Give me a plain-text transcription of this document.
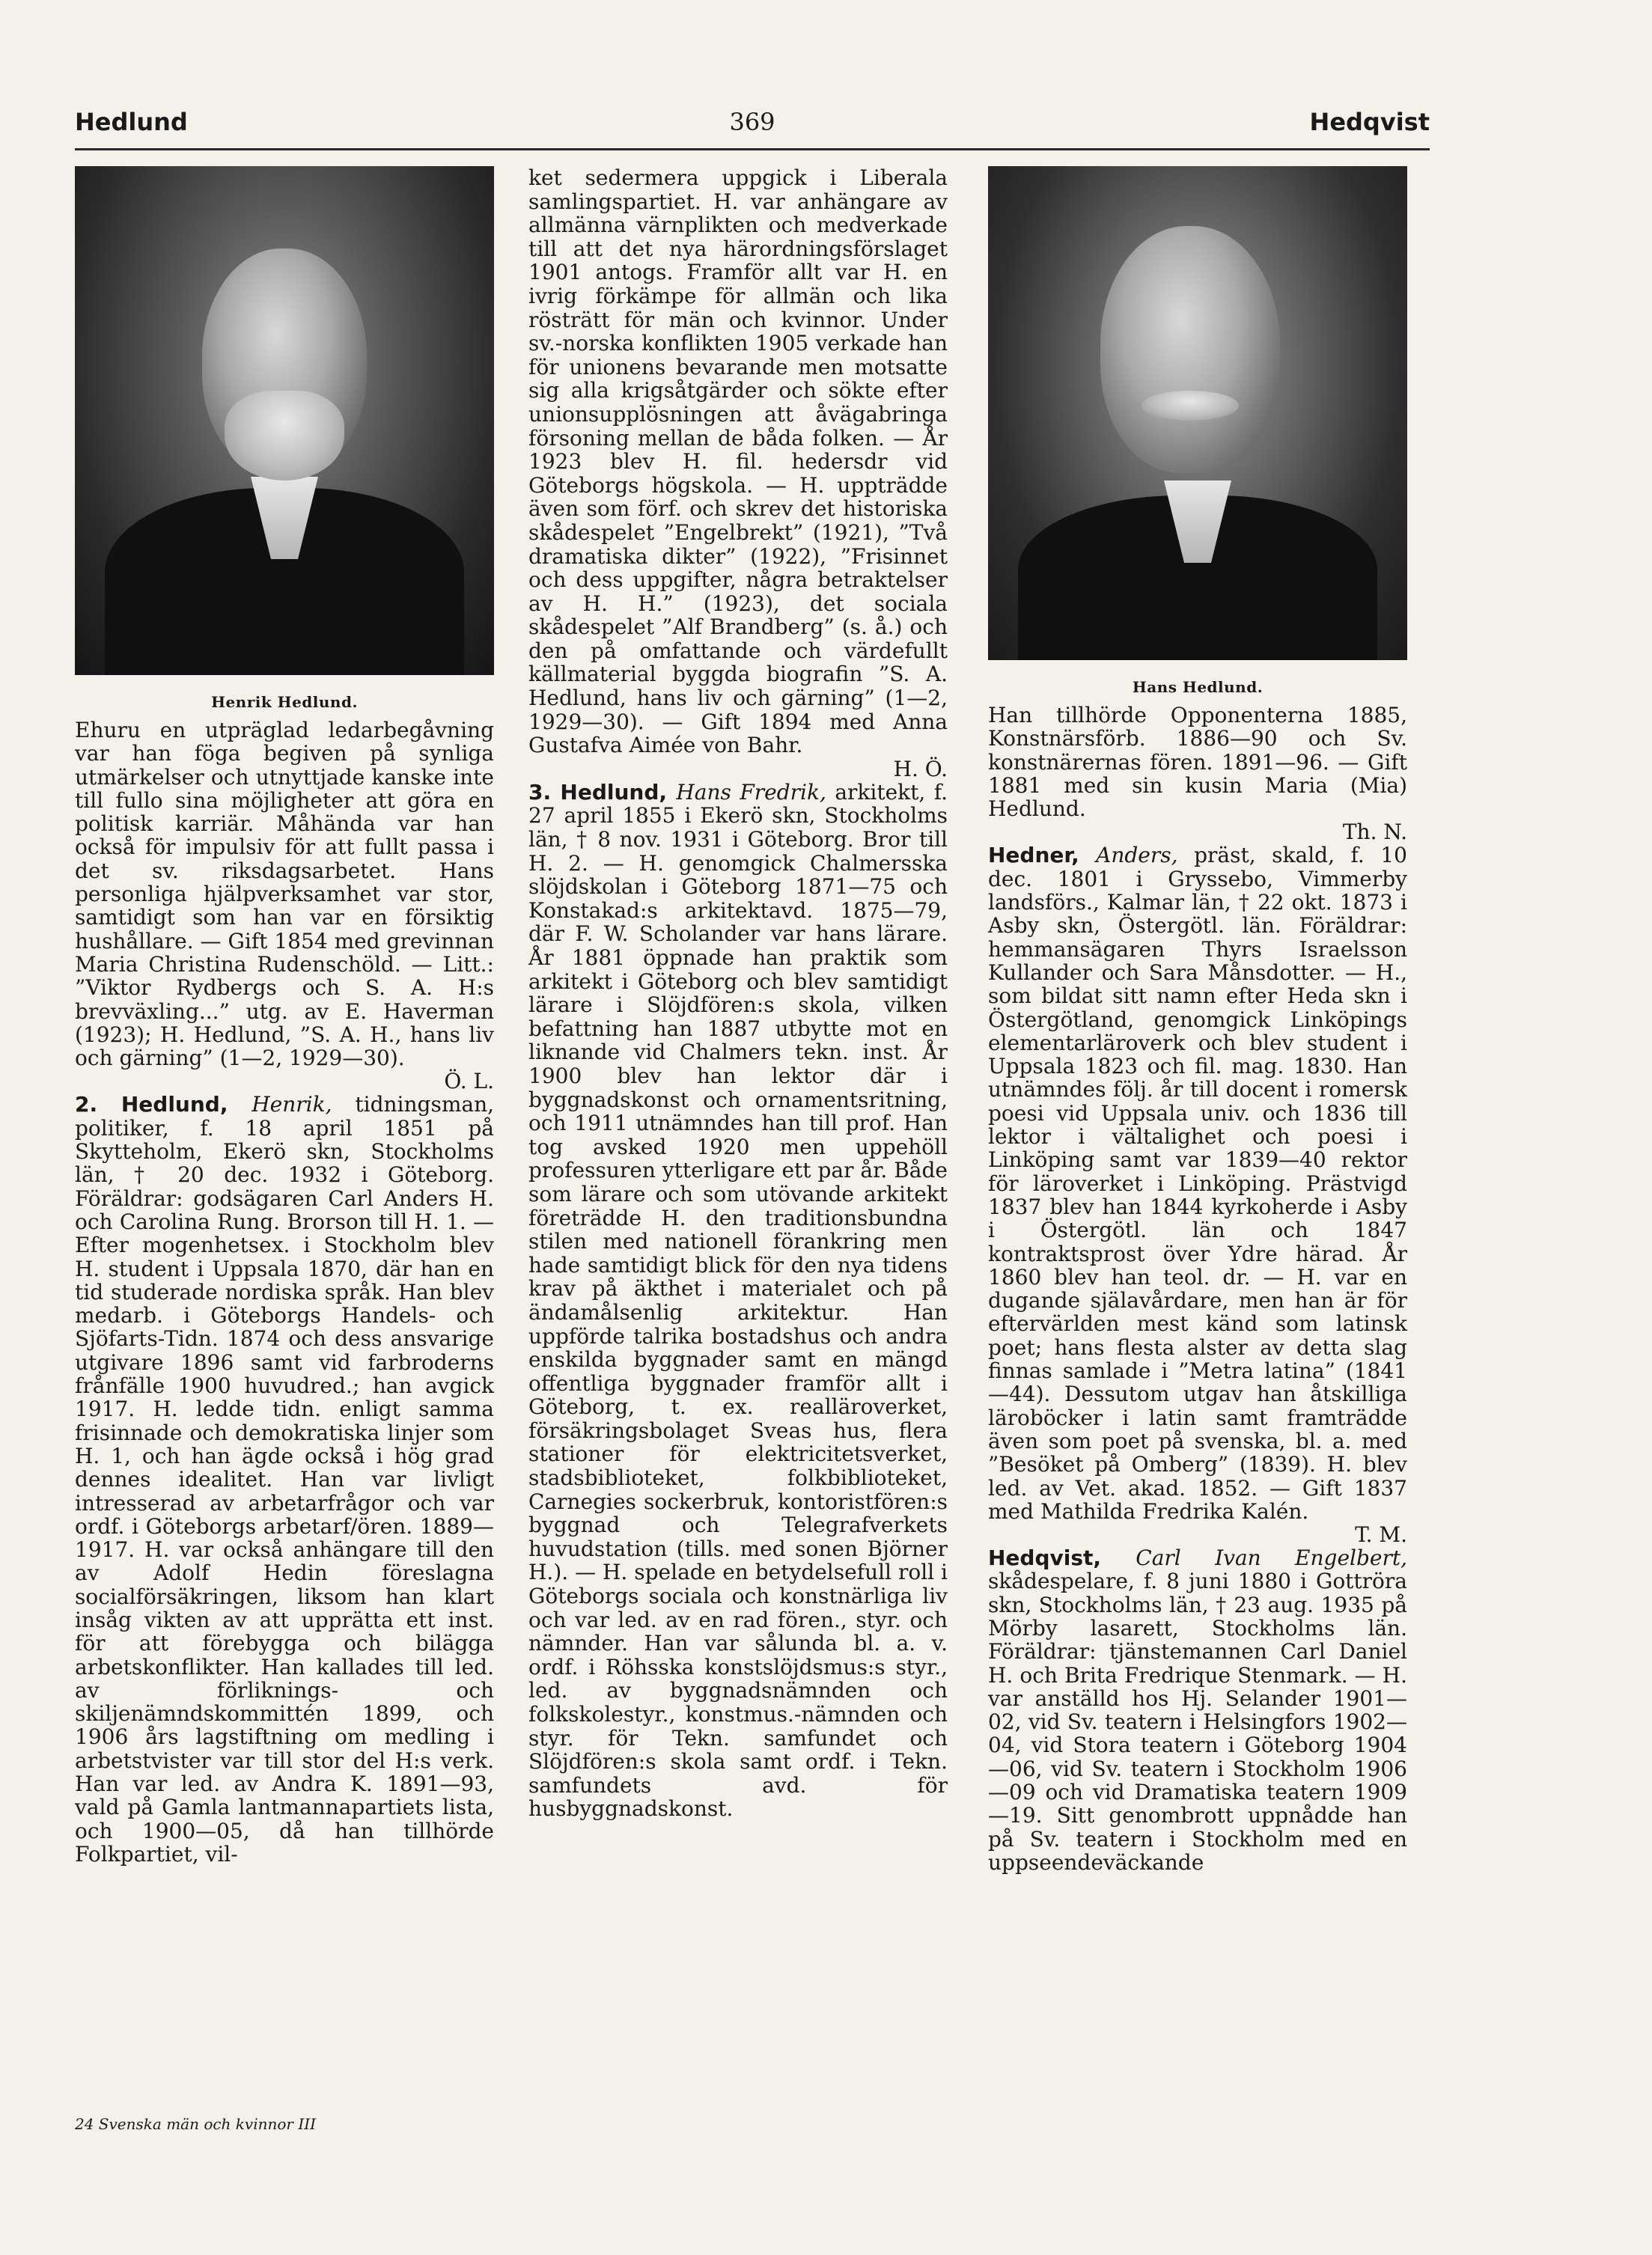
Hedlund	369	Hedqvist
Henrik Hedlund.

Ehuru en utpräglad ledarbegåvning var han föga begiven på synliga utmärkelser och utnyttjade kanske inte till fullo sina möjligheter att göra en politisk karriär. Måhända var han också för impulsiv för att fullt passa i det sv. riksdagsarbetet. Hans personliga hjälpverksamhet var stor, samtidigt som han var en försiktig hushållare. — Gift 1854 med grevinnan Maria Christina Rudenschöld. — Litt.: ”Viktor Rydbergs och S. A. H:s brevväxling...” utg. av E. Haverman (1923); H. Hedlund, ”S. A. H., hans liv och gärning” (1—2, 1929—30).

Ö. L.

2. Hedlund, Henrik, tidningsman, politiker, f. 18 april 1851 på Skytteholm, Ekerö skn, Stockholms län, † 20 dec. 1932 i Göteborg. Föräldrar: godsägaren Carl Anders H. och Carolina Rung. Brorson till H. 1. — Efter mogenhetsex. i Stockholm blev H. student i Uppsala 1870, där han en tid studerade nordiska språk. Han blev medarb. i Göteborgs Handels- och Sjöfarts-Tidn. 1874 och dess ansvarige utgivare 1896 samt vid farbroderns frånfälle 1900 huvudred.; han avgick 1917. H. ledde tidn. enligt samma frisinnade och demokratiska linjer som H. 1, och han ägde också i hög grad dennes idealitet. Han var livligt intresserad av arbetarfrågor och var ordf. i Göteborgs arbetarf/ören. 1889—1917. H. var också anhängare till den av Adolf Hedin föreslagna socialförsäkringen, liksom han klart insåg vikten av att upprätta ett inst. för att förebygga och bilägga arbetskonflikter. Han kallades till led. av förliknings- och skiljenämndskommittén 1899, och 1906 års lagstiftning om medling i arbetstvister var till stor del H:s verk. Han var led. av Andra K. 1891—93, vald på Gamla lantmannapartiets lista, och 1900—05, då han tillhörde Folkpartiet, vil-

ket sedermera uppgick i Liberala samlingspartiet. H. var anhängare av allmänna värnplikten och medverkade till att det nya härordningsförslaget 1901 antogs. Framför allt var H. en ivrig förkämpe för allmän och lika rösträtt för män och kvinnor. Under sv.-norska konflikten 1905 verkade han för unionens bevarande men motsatte sig alla krigsåtgärder och sökte efter unionsupplösningen att åvägabringa försoning mellan de båda folken. — År 1923 blev H. fil. hedersdr vid Göteborgs högskola. — H. uppträdde även som förf. och skrev det historiska skådespelet ”Engelbrekt” (1921), ”Två dramatiska dikter” (1922), ”Frisinnet och dess uppgifter, några betraktelser av H. H.” (1923), det sociala skådespelet ”Alf Brandberg” (s. å.) och den på omfattande och värdefullt källmaterial byggda biografin ”S. A. Hedlund, hans liv och gärning” (1—2, 1929—30). — Gift 1894 med Anna Gustafva Aimée von Bahr.

H. Ö.

3. Hedlund, Hans Fredrik, arkitekt, f. 27 april 1855 i Ekerö skn, Stockholms län, † 8 nov. 1931 i Göteborg. Bror till H. 2. — H. genomgick Chalmersska slöjdskolan i Göteborg 1871—75 och Konstakad:s arkitektavd. 1875—79, där F. W. Scholander var hans lärare. År 1881 öppnade han praktik som arkitekt i Göteborg och blev samtidigt lärare i Slöjdfören:s skola, vilken befattning han 1887 utbytte mot en liknande vid Chalmers tekn. inst. År 1900 blev han lektor där i byggnadskonst och ornamentsritning, och 1911 utnämndes han till prof. Han tog avsked 1920 men uppehöll professuren ytterligare ett par år. Både som lärare och som utövande arkitekt företrädde H. den traditionsbundna stilen med nationell förankring men hade samtidigt blick för den nya tidens krav på äkthet i materialet och på ändamålsenlig arkitektur. Han uppförde talrika bostadshus och andra enskilda byggnader samt en mängd offentliga byggnader framför allt i Göteborg, t. ex. realläroverket, försäkringsbolaget Sveas hus, flera stationer för elektricitetsverket, stadsbiblioteket, folkbiblioteket, Carnegies sockerbruk, kontoristfören:s byggnad och Telegrafverkets huvudstation (tills. med sonen Björner H.). — H. spelade en betydelsefull roll i Göteborgs sociala och konstnärliga liv och var led. av en rad fören., styr. och nämnder. Han var sålunda bl. a. v. ordf. i Röhsska konstslöjdsmus:s styr., led. av byggnadsnämnden och folkskolestyr., konstmus.-nämnden och styr. för Tekn. samfundet och Slöjdfören:s skola samt ordf. i Tekn. samfundets avd. för husbyggnadskonst.

Hans Hedlund.

Han tillhörde Opponenterna 1885, Konstnärsförb. 1886—90 och Sv. konstnärernas fören. 1891—96. — Gift 1881 med sin kusin Maria (Mia) Hedlund.

Th. N.

Hedner, Anders, präst, skald, f. 10 dec. 1801 i Gryssebo, Vimmerby landsförs., Kalmar län, † 22 okt. 1873 i Asby skn, Östergötl. län. Föräldrar: hemmansägaren Thyrs Israelsson Kullander och Sara Månsdotter. — H., som bildat sitt namn efter Heda skn i Östergötland, genomgick Linköpings elementarläroverk och blev student i Uppsala 1823 och fil. mag. 1830. Han utnämndes följ. år till docent i romersk poesi vid Uppsala univ. och 1836 till lektor i vältalighet och poesi i Linköping samt var 1839—40 rektor för läroverket i Linköping. Prästvigd 1837 blev han 1844 kyrkoherde i Asby i Östergötl. län och 1847 kontraktsprost över Ydre härad. År 1860 blev han teol. dr. — H. var en dugande själavårdare, men han är för eftervärlden mest känd som latinsk poet; hans flesta alster av detta slag finnas samlade i ”Metra latina” (1841—44). Dessutom utgav han åtskilliga läroböcker i latin samt framträdde även som poet på svenska, bl. a. med ”Besöket på Omberg” (1839). H. blev led. av Vet. akad. 1852. — Gift 1837 med Mathilda Fredrika Kalén.

T. M.

Hedqvist, Carl Ivan Engelbert, skådespelare, f. 8 juni 1880 i Gottröra skn, Stockholms län, † 23 aug. 1935 på Mörby lasarett, Stockholms län. Föräldrar: tjänstemannen Carl Daniel H. och Brita Fredrique Stenmark. — H. var anställd hos Hj. Selander 1901—02, vid Sv. teatern i Helsingfors 1902—04, vid Stora teatern i Göteborg 1904—06, vid Sv. teatern i Stockholm 1906—09 och vid Dramatiska teatern 1909—19. Sitt genombrott uppnådde han på Sv. teatern i Stockholm med en uppseendeväckande

24 Svenska män och kvinnor III
